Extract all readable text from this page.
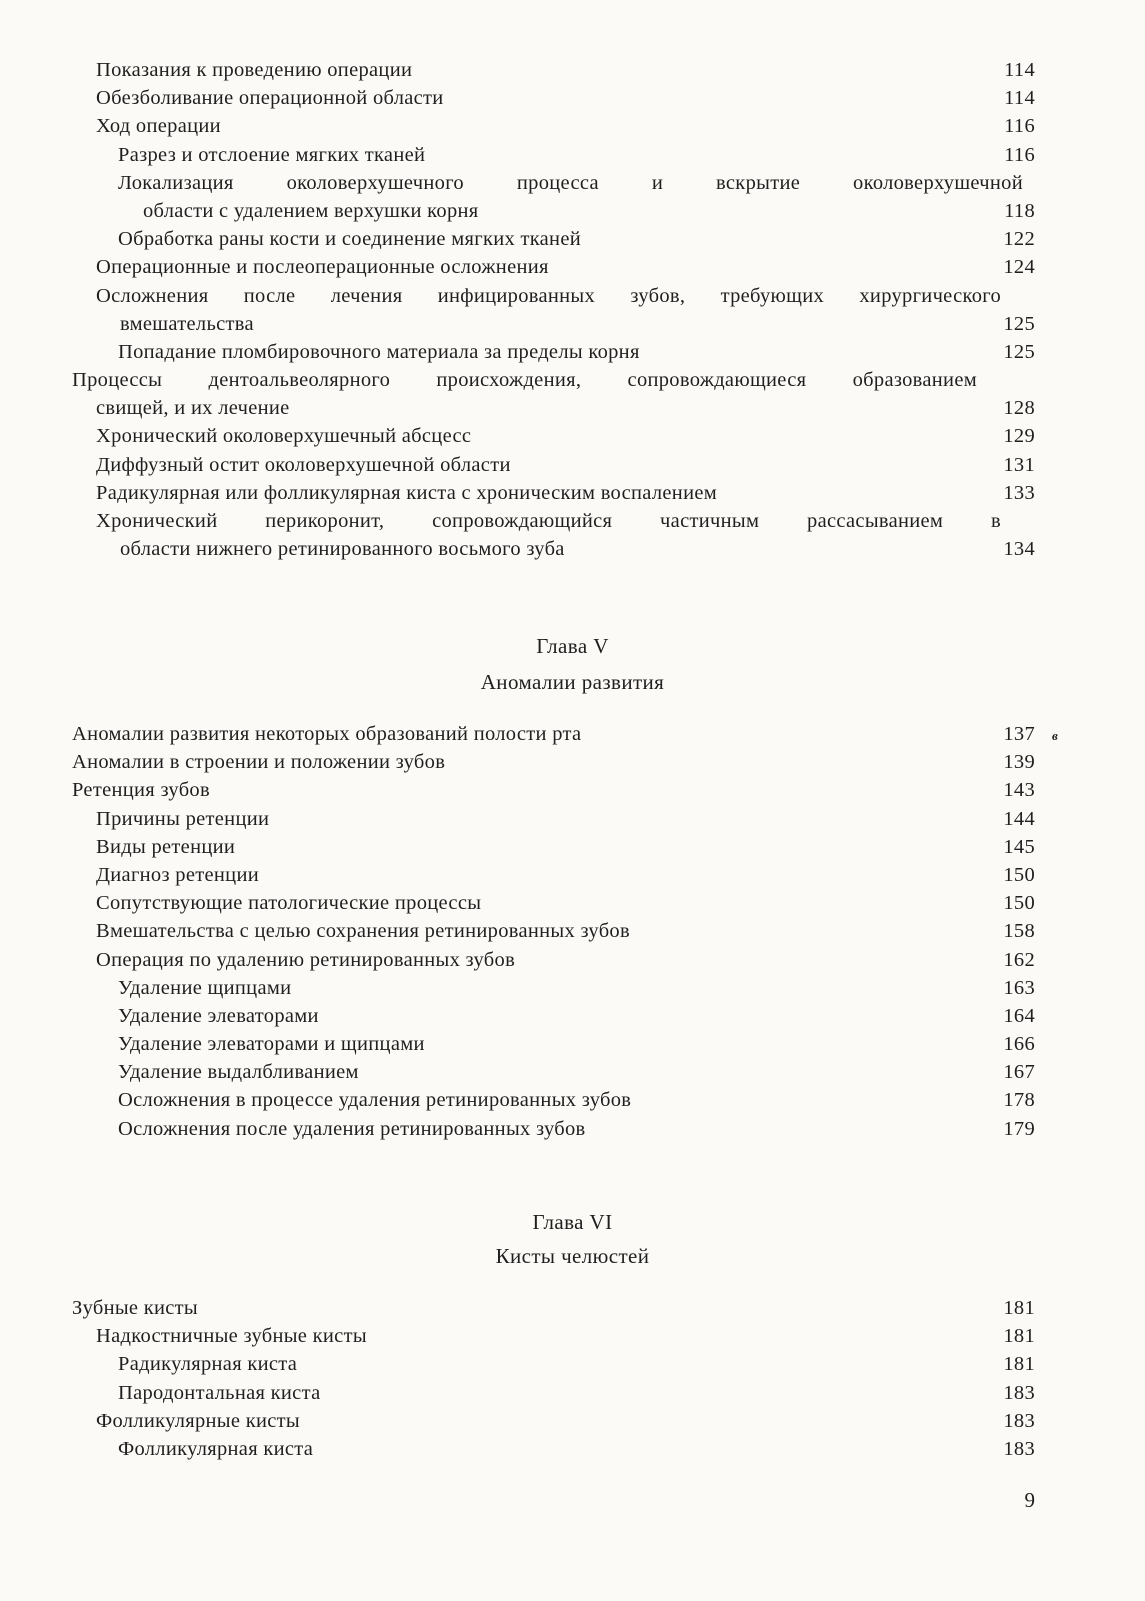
Показания к проведению операции	114
Обезболивание операционной области	114
Ход операции	116
Разрез и отслоение мягких тканей	116
Локализация околоверхушечного процесса и вскрытие околоверхушечной
области с удалением верхушки корня	118
Обработка раны кости и соединение мягких тканей	122
Операционные и послеоперационные осложнения	124
Осложнения после лечения инфицированных зубов, требующих хирургического
вмешательства	125
Попадание пломбировочного материала за пределы корня	125
Процессы дентоальвеолярного происхождения, сопровождающиеся образованием
свищей, и их лечение	128
Хронический околоверхушечный абсцесс	129
Диффузный остит околоверхушечной области	131
Радикулярная или фолликулярная киста с хроническим воспалением	133
Хронический перикоронит, сопровождающийся частичным рассасыванием в
области нижнего ретинированного восьмого зуба	134
Глава V
Аномалии развития
Аномалии развития некоторых образований полости рта	137
Аномалии в строении и положении зубов	139
Ретенция зубов	143
Причины ретенции	144
Виды ретенции	145
Диагноз ретенции	150
Сопутствующие патологические процессы	150
Вмешательства с целью сохранения ретинированных зубов	158
Операция по удалению ретинированных зубов	162
Удаление щипцами	163
Удаление элеваторами	164
Удаление элеваторами и щипцами	166
Удаление выдалбливанием	167
Осложнения в процессе удаления ретинированных зубов	178
Осложнения после удаления ретинированных зубов	179
Глава VI
Кисты челюстей
Зубные кисты	181
Надкостничные зубные кисты	181
Радикулярная киста	181
Пародонтальная киста	183
Фолликулярные кисты	183
Фолликулярная киста	183
в
9
